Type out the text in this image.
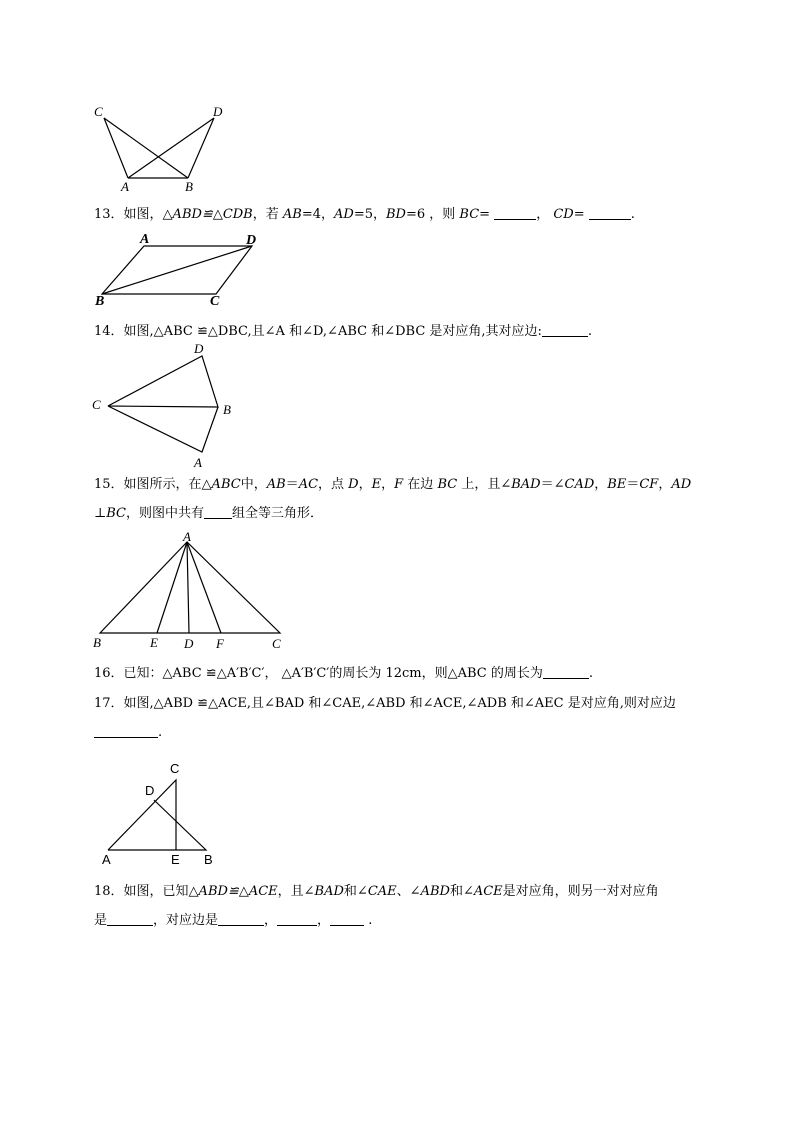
C	D
A	B
13．如图，△ABD≌△CDB，若 AB=4，AD=5，BD=6 ，则 BC=	， CD=	.
A	D
B	C
14．如图,△ABC ≌△DBC,且∠A 和∠D,∠ABC 和∠DBC 是对应角,其对应边:	.
D
C	B
A
15．如图所示，在△ABC中，AB＝AC，点 D，E，F 在边 BC 上，且∠BAD＝∠CAD，BE＝CF，AD
⊥BC，则图中共有 组全等三角形．
A
B	E D F	C
16．已知：△ABC ≌△A′B′C′， △A′B′C′的周长为 12cm，则△ABC 的周长为	.
17．如图,△ABD ≌△ACE,且∠BAD 和∠CAE,∠ABD 和∠ACE,∠ADB 和∠AEC 是对应角,则对应边
.
C
D
A	E B
18．如图，已知△ABD≌△ACE，且∠BAD和∠CAE、∠ABD和∠ACE是对应角，则另一对对应角
是	，对应边是	，	，	.
